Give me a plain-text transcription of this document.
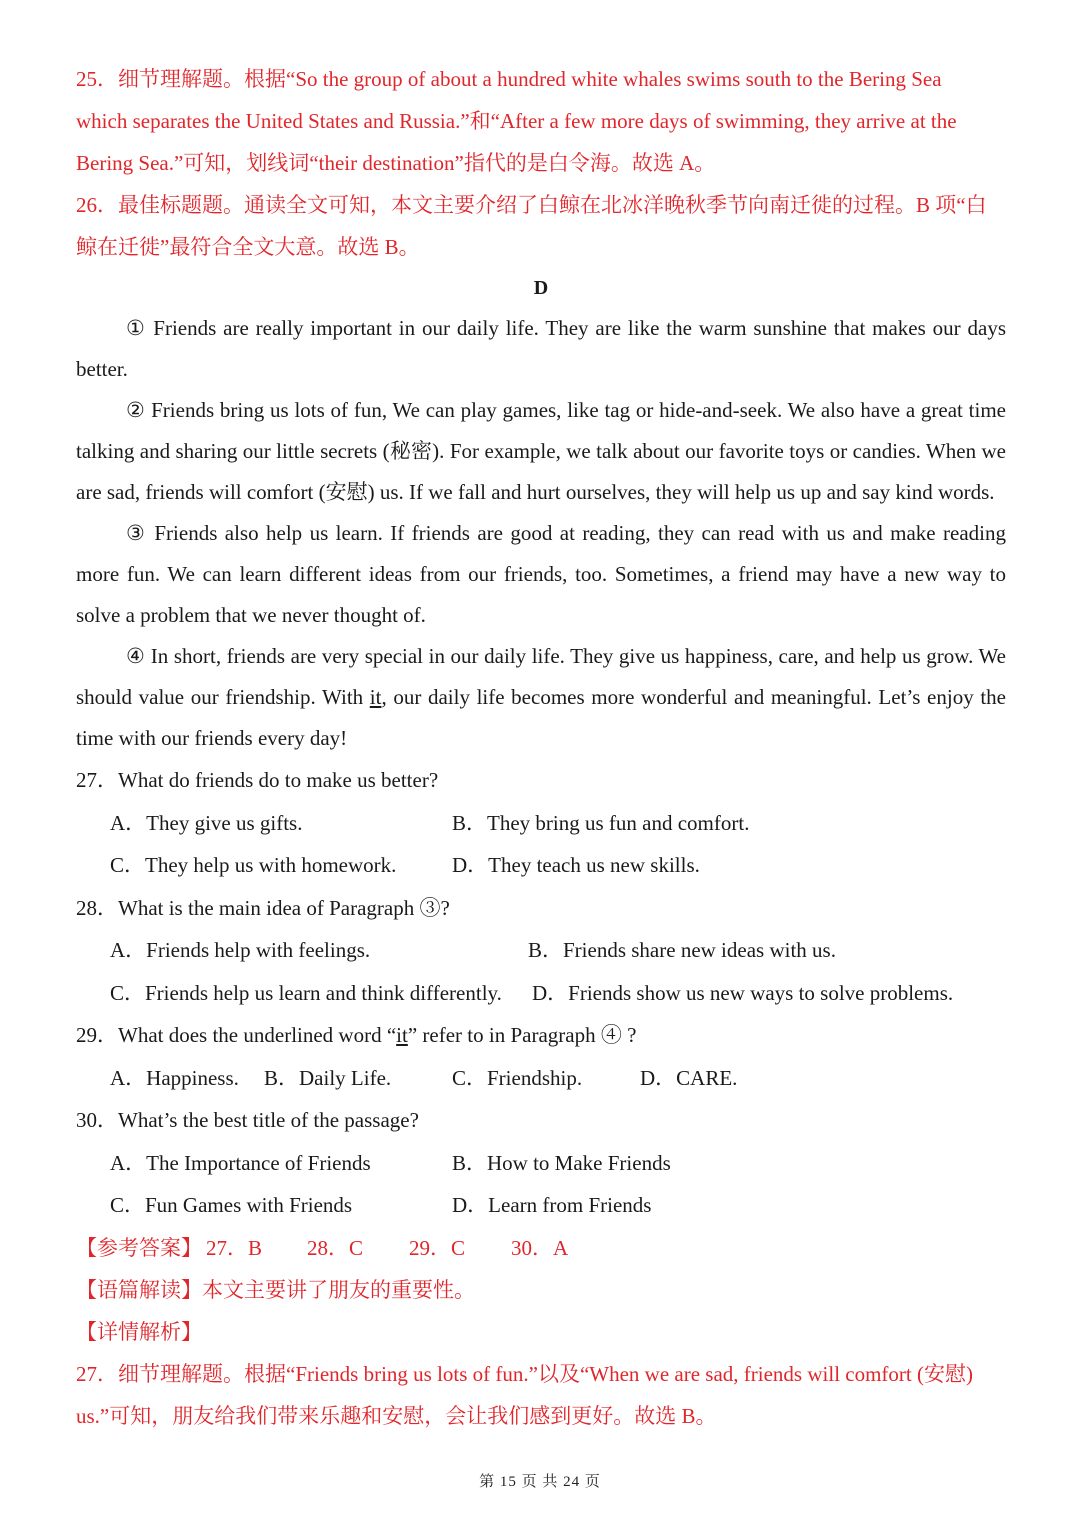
25．细节理解题。根据“So the group of about a hundred white whales swims south to the Bering Sea
which separates the United States and Russia.”和“After a few more days of swimming, they arrive at the
Bering Sea.”可知，划线词“their destination”指代的是白令海。故选 A。
26．最佳标题题。通读全文可知，本文主要介绍了白鲸在北冰洋晚秋季节向南迁徙的过程。B 项“白
鲸在迁徙”最符合全文大意。故选 B。
D

① Friends are really important in our daily life. They are like the warm sunshine that makes our days better.

② Friends bring us lots of fun, We can play games, like tag or hide-and-seek. We also have a great time talking and sharing our little secrets (秘密). For example, we talk about our favorite toys or candies. When we are sad, friends will comfort (安慰) us. If we fall and hurt ourselves, they will help us up and say kind words.

③ Friends also help us learn. If friends are good at reading, they can read with us and make reading more fun. We can learn different ideas from our friends, too. Sometimes, a friend may have a new way to solve a problem that we never thought of.

④ In short, friends are very special in our daily life. They give us happiness, care, and help us grow. We should value our friendship. With it, our daily life becomes more wonderful and meaningful. Let’s enjoy the time with our friends every day!

27．What do friends do to make us better?
A．They give us gifts.	B．They bring us fun and comfort.
C．They help us with homework.	D．They teach us new skills.
28．What is the main idea of Paragraph ③?
A．Friends help with feelings.	B．Friends share new ideas with us.
C．Friends help us learn and think differently. D．Friends show us new ways to solve problems.
29．What does the underlined word “it” refer to in Paragraph ④ ?
A．Happiness. B．Daily Life.	C．Friendship.	D．CARE.
30．What’s the best title of the passage?
A．The Importance of Friends	B．How to Make Friends
C．Fun Games with Friends	D．Learn from Friends
【参考答案】 27．B 28．C 29．C 30．A
【语篇解读】本文主要讲了朋友的重要性。
【详情解析】
27．细节理解题。根据“Friends bring us lots of fun.”以及“When we are sad, friends will comfort (安慰)
us.”可知，朋友给我们带来乐趣和安慰，会让我们感到更好。故选 B。
第 15 页 共 24 页
